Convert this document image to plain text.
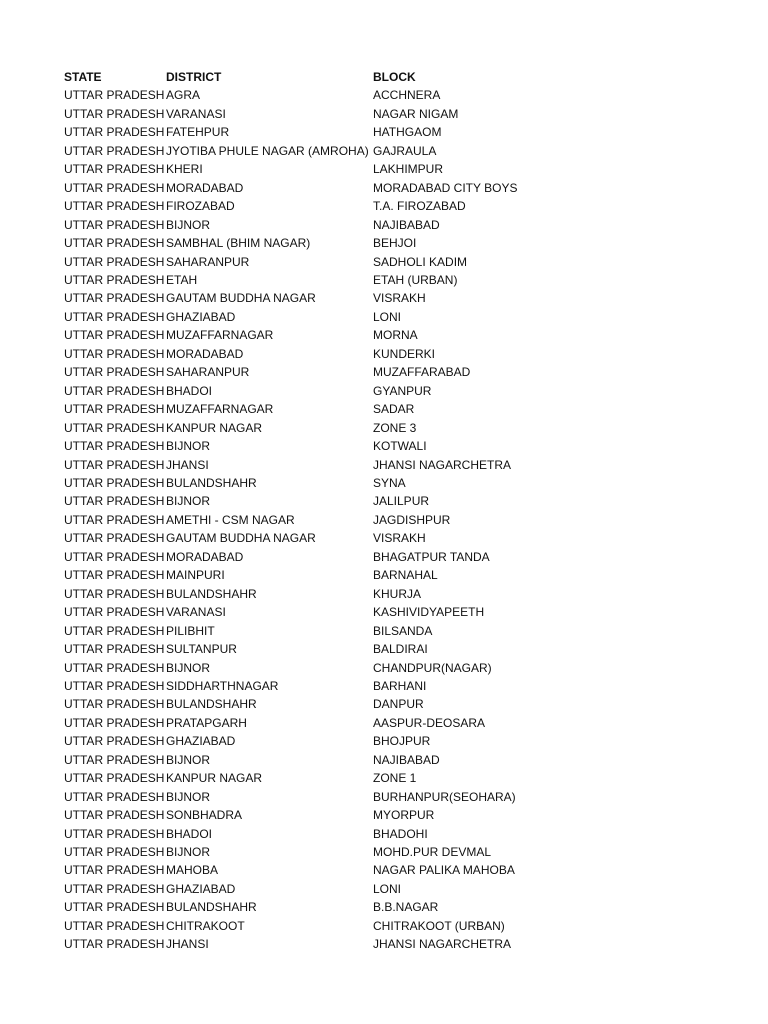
STATE	DISTRICT	BLOCK
UTTAR PRADESH	AGRA	ACCHNERA
UTTAR PRADESH	VARANASI	NAGAR NIGAM
UTTAR PRADESH	FATEHPUR	HATHGAOM
UTTAR PRADESH	JYOTIBA PHULE NAGAR (AMROHA)	GAJRAULA
UTTAR PRADESH	KHERI	LAKHIMPUR
UTTAR PRADESH	MORADABAD	MORADABAD CITY BOYS
UTTAR PRADESH	FIROZABAD	T.A. FIROZABAD
UTTAR PRADESH	BIJNOR	NAJIBABAD
UTTAR PRADESH	SAMBHAL (BHIM NAGAR)	BEHJOI
UTTAR PRADESH	SAHARANPUR	SADHOLI KADIM
UTTAR PRADESH	ETAH	ETAH (URBAN)
UTTAR PRADESH	GAUTAM BUDDHA NAGAR	VISRAKH
UTTAR PRADESH	GHAZIABAD	LONI
UTTAR PRADESH	MUZAFFARNAGAR	MORNA
UTTAR PRADESH	MORADABAD	KUNDERKI
UTTAR PRADESH	SAHARANPUR	MUZAFFARABAD
UTTAR PRADESH	BHADOI	GYANPUR
UTTAR PRADESH	MUZAFFARNAGAR	SADAR
UTTAR PRADESH	KANPUR NAGAR	ZONE 3
UTTAR PRADESH	BIJNOR	KOTWALI
UTTAR PRADESH	JHANSI	JHANSI NAGARCHETRA
UTTAR PRADESH	BULANDSHAHR	SYNA
UTTAR PRADESH	BIJNOR	JALILPUR
UTTAR PRADESH	AMETHI - CSM NAGAR	JAGDISHPUR
UTTAR PRADESH	GAUTAM BUDDHA NAGAR	VISRAKH
UTTAR PRADESH	MORADABAD	BHAGATPUR TANDA
UTTAR PRADESH	MAINPURI	BARNAHAL
UTTAR PRADESH	BULANDSHAHR	KHURJA
UTTAR PRADESH	VARANASI	KASHIVIDYAPEETH
UTTAR PRADESH	PILIBHIT	BILSANDA
UTTAR PRADESH	SULTANPUR	BALDIRAI
UTTAR PRADESH	BIJNOR	CHANDPUR(NAGAR)
UTTAR PRADESH	SIDDHARTHNAGAR	BARHANI
UTTAR PRADESH	BULANDSHAHR	DANPUR
UTTAR PRADESH	PRATAPGARH	AASPUR-DEOSARA
UTTAR PRADESH	GHAZIABAD	BHOJPUR
UTTAR PRADESH	BIJNOR	NAJIBABAD
UTTAR PRADESH	KANPUR NAGAR	ZONE 1
UTTAR PRADESH	BIJNOR	BURHANPUR(SEOHARA)
UTTAR PRADESH	SONBHADRA	MYORPUR
UTTAR PRADESH	BHADOI	BHADOHI
UTTAR PRADESH	BIJNOR	MOHD.PUR DEVMAL
UTTAR PRADESH	MAHOBA	NAGAR PALIKA MAHOBA
UTTAR PRADESH	GHAZIABAD	LONI
UTTAR PRADESH	BULANDSHAHR	B.B.NAGAR
UTTAR PRADESH	CHITRAKOOT	CHITRAKOOT (URBAN)
UTTAR PRADESH	JHANSI	JHANSI NAGARCHETRA
